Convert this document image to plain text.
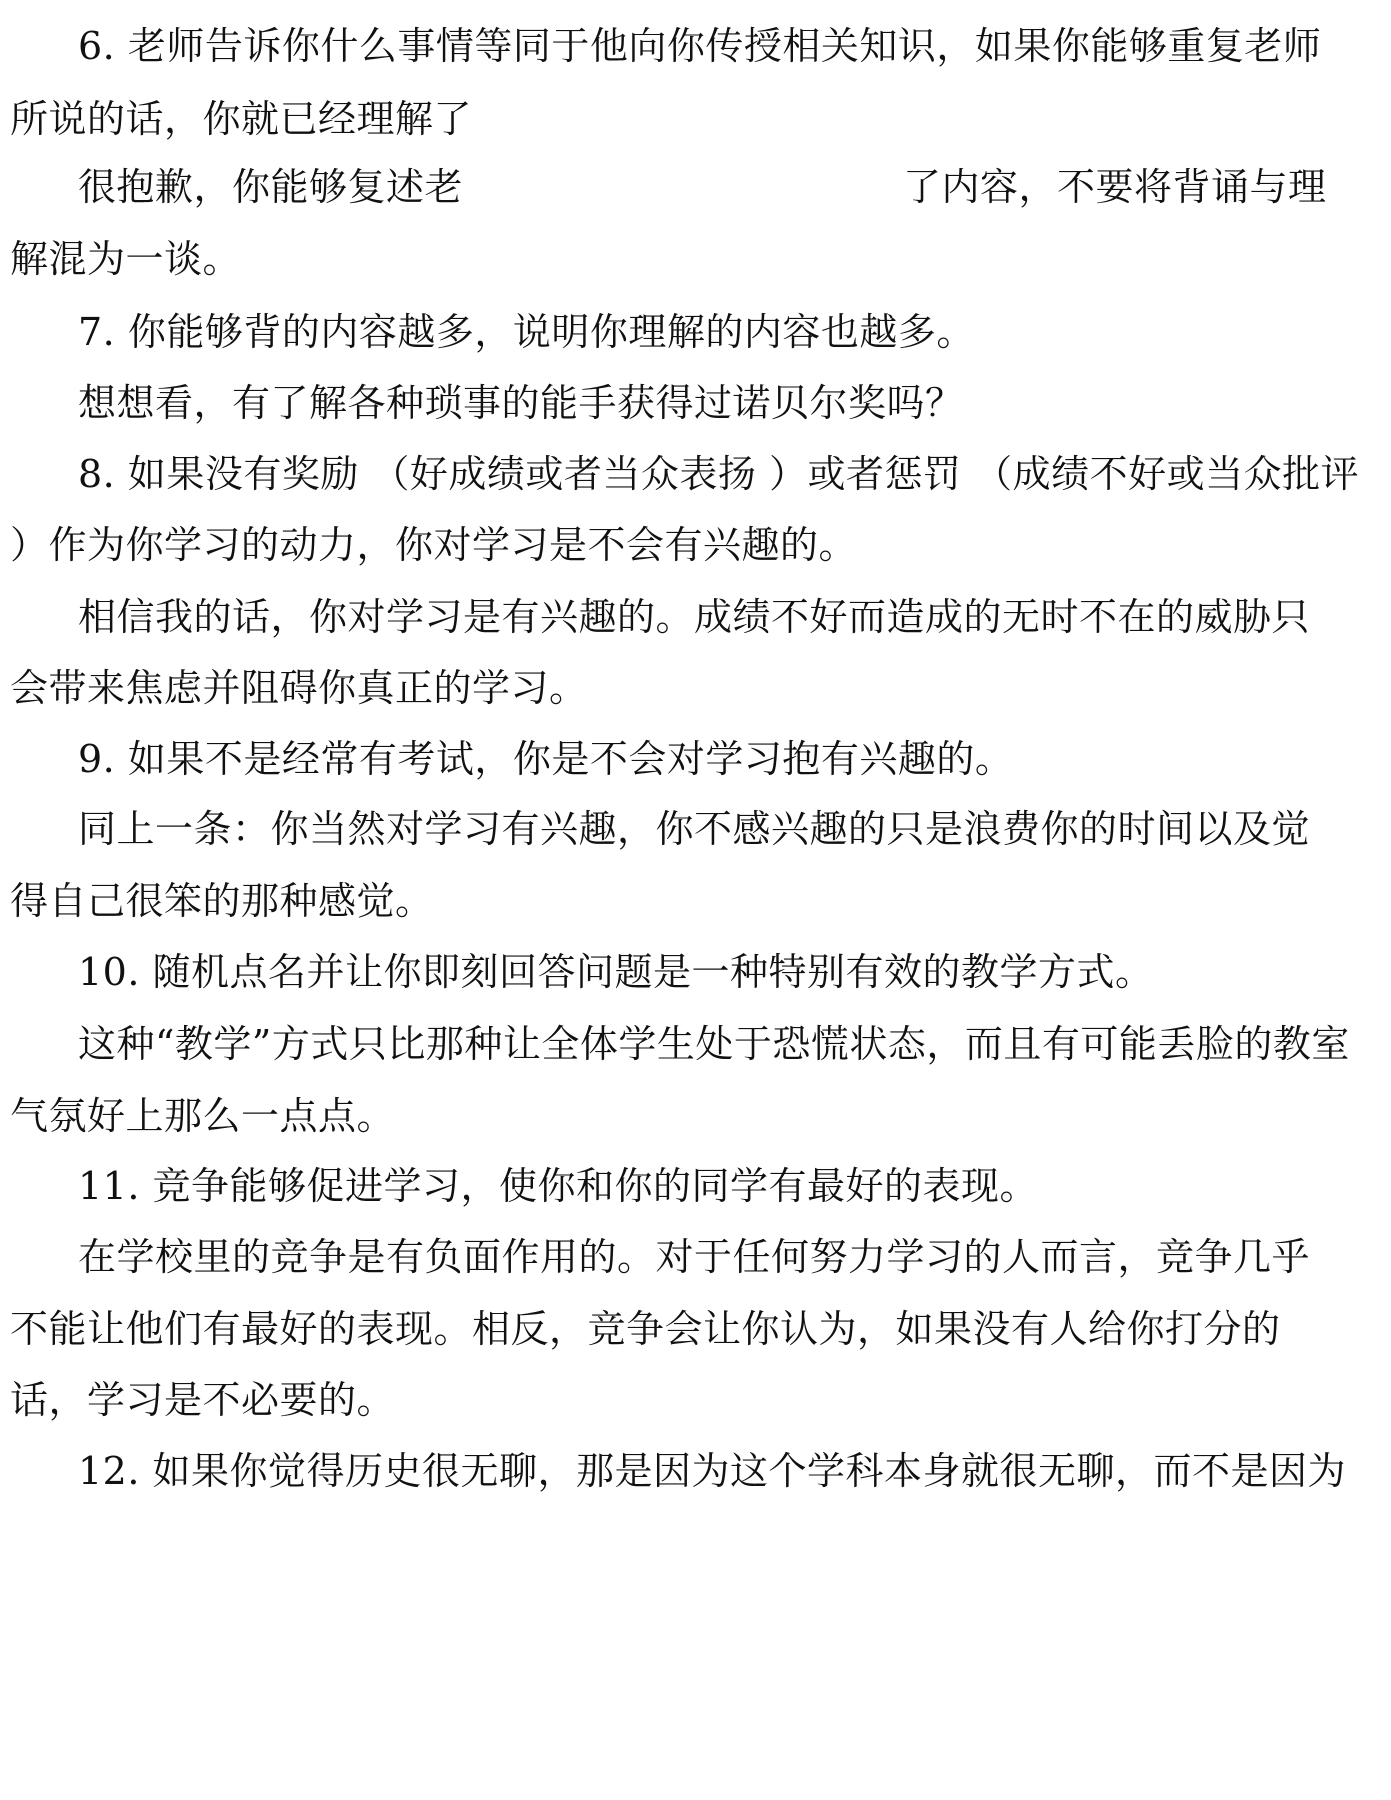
6. 老师告诉你什么事情等同于他向你传授相关知识，如果你能够重复老师
所说的话，你就已经理解了
很抱歉，你能够复述老	了内容，不要将背诵与理
解混为一谈。
7. 你能够背的内容越多，说明你理解的内容也越多。
想想看，有了解各种琐事的能手获得过诺贝尔奖吗？
8. 如果没有奖励 （好成绩或者当众表扬 ）或者惩罚 （成绩不好或当众批评
）作为你学习的动力，你对学习是不会有兴趣的。
相信我的话，你对学习是有兴趣的。成绩不好而造成的无时不在的威胁只
会带来焦虑并阻碍你真正的学习。
9. 如果不是经常有考试，你是不会对学习抱有兴趣的。
同上一条：你当然对学习有兴趣，你不感兴趣的只是浪费你的时间以及觉
得自己很笨的那种感觉。
10. 随机点名并让你即刻回答问题是一种特别有效的教学方式。
这种“教学”方式只比那种让全体学生处于恐慌状态，而且有可能丢脸的教室
气氛好上那么一点点。
11. 竞争能够促进学习，使你和你的同学有最好的表现。
在学校里的竞争是有负面作用的。对于任何努力学习的人而言，竞争几乎
不能让他们有最好的表现。相反，竞争会让你认为，如果没有人给你打分的
话，学习是不必要的。
12. 如果你觉得历史很无聊，那是因为这个学科本身就很无聊，而不是因为
